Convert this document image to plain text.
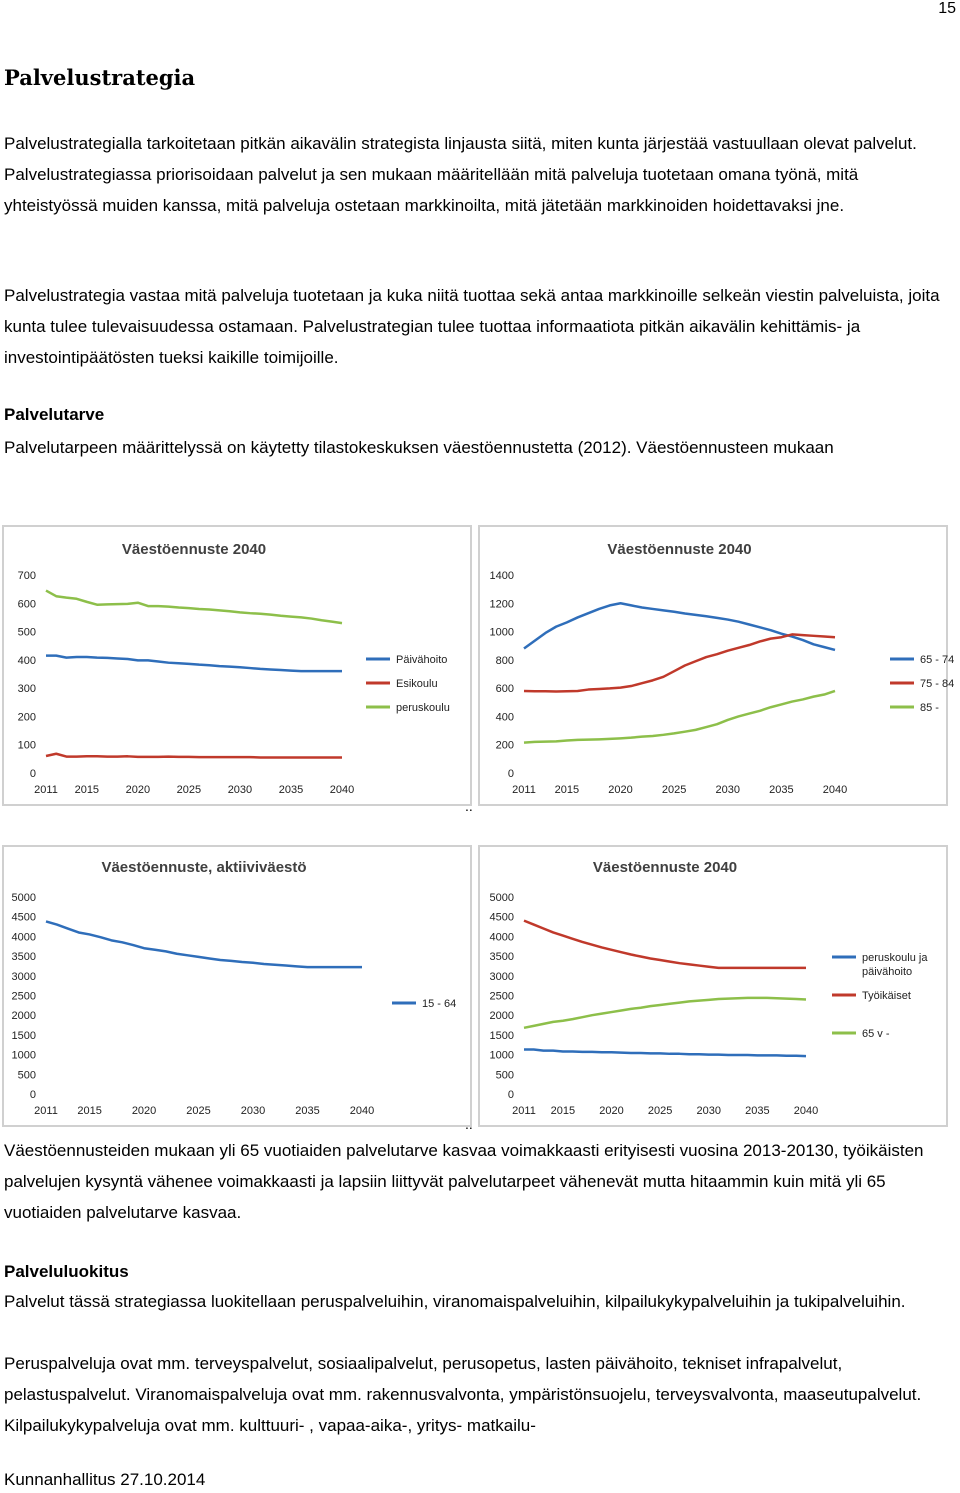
15
Palvelustrategia

Palvelustrategialla tarkoitetaan pitkän aikavälin strategista linjausta siitä, miten kunta järjestää vastuullaan olevat palvelut. Palvelustrategiassa priorisoidaan palvelut ja sen mukaan määritellään mitä palveluja tuotetaan omana työnä, mitä yhteistyössä muiden kanssa, mitä palveluja ostetaan markkinoilta, mitä jätetään markkinoiden hoidettavaksi jne.

Palvelustrategia vastaa mitä palveluja tuotetaan ja kuka niitä tuottaa sekä antaa markkinoille selkeän viestin palveluista, joita kunta tulee tulevaisuudessa ostamaan. Palvelustrategian tulee tuottaa informaatiota pitkän aikavälin kehittämis- ja investointipäätösten tueksi kaikille toimijoille.

Palvelutarve

Palvelutarpeen määrittelyssä on käytetty tilastokeskuksen väestöennustetta (2012). Väestöennusteen mukaan

Väestöennuste 2040
0
100
200
300
400
500
600
700
2011 2015 2020 2025 2030 2035 2040
Päivähoito
Esikoulu
peruskoulu
Väestöennuste 2040
0
200
400
600
800
1000
1200
1400
2011 2015	2020	2025	2030	2035	2040
65 - 74
75 - 84
85 -
..
Väestöennuste, aktiiviväestö
0
500
1000
1500
2000
2500
3000
3500
4000
4500
5000
2011 2015	2020	2025	2030	2035	2040
15 - 64
Väestöennuste 2040
0
500
1000
1500
2000
2500
3000
3500
4000
4500
5000
2011 2015 2020 2025 2030 2035 2040
peruskoulu ja päivähoito
Työikäiset
65 v -
..

Väestöennusteiden mukaan yli 65 vuotiaiden palvelutarve kasvaa voimakkaasti erityisesti vuosina 2013-20130, työikäisten palvelujen kysyntä vähenee voimakkaasti ja lapsiin liittyvät palvelutarpeet vähenevät mutta hitaammin kuin mitä yli 65 vuotiaiden palvelutarve kasvaa.

Palveluluokitus

Palvelut tässä strategiassa luokitellaan peruspalveluihin, viranomaispalveluihin, kilpailukykypalveluihin ja tukipalveluihin.

Peruspalveluja ovat mm. terveyspalvelut, sosiaalipalvelut, perusopetus, lasten päivähoito, tekniset infrapalvelut, pelastuspalvelut. Viranomaispalveluja ovat mm. rakennusvalvonta, ympäristönsuojelu, terveysvalvonta, maaseutupalvelut. Kilpailukykypalveluja ovat mm. kulttuuri- , vapaa-aika-, yritys- matkailu-

Kunnanhallitus 27.10.2014
